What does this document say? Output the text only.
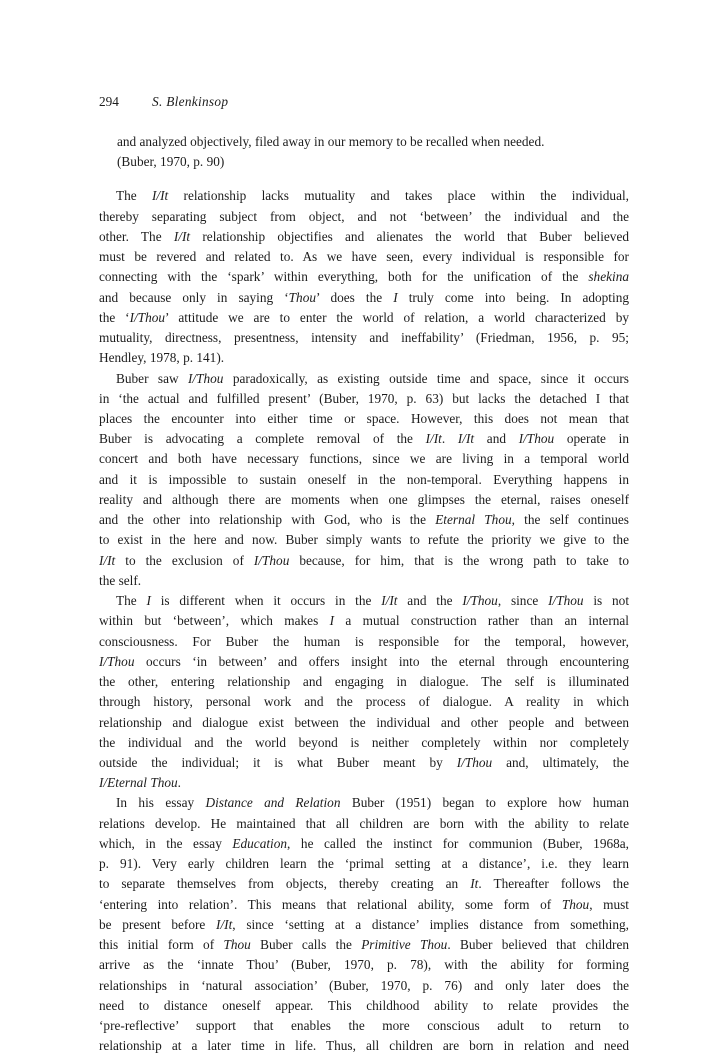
294 S. Blenkinsop
and analyzed objectively, filed away in our memory to be recalled when needed.
(Buber, 1970, p. 90)
The I/It relationship lacks mutuality and takes place within the individual,
thereby separating subject from object, and not ‘between’ the individual and the
other. The I/It relationship objectifies and alienates the world that Buber believed
must be revered and related to. As we have seen, every individual is responsible for
connecting with the ‘spark’ within everything, both for the unification of the shekina
and because only in saying ‘Thou’ does the I truly come into being. In adopting
the ‘I/Thou’ attitude we are to enter the world of relation, a world characterized by
mutuality, directness, presentness, intensity and ineffability’ (Friedman, 1956, p. 95;
Hendley, 1978, p. 141).
Buber saw I/Thou paradoxically, as existing outside time and space, since it occurs
in ‘the actual and fulfilled present’ (Buber, 1970, p. 63) but lacks the detached I that
places the encounter into either time or space. However, this does not mean that
Buber is advocating a complete removal of the I/It. I/It and I/Thou operate in
concert and both have necessary functions, since we are living in a temporal world
and it is impossible to sustain oneself in the non-temporal. Everything happens in
reality and although there are moments when one glimpses the eternal, raises oneself
and the other into relationship with God, who is the Eternal Thou, the self continues
to exist in the here and now. Buber simply wants to refute the priority we give to the
I/It to the exclusion of I/Thou because, for him, that is the wrong path to take to
the self.
The I is different when it occurs in the I/It and the I/Thou, since I/Thou is not
within but ‘between’, which makes I a mutual construction rather than an internal
consciousness. For Buber the human is responsible for the temporal, however,
I/Thou occurs ‘in between’ and offers insight into the eternal through encountering
the other, entering relationship and engaging in dialogue. The self is illuminated
through history, personal work and the process of dialogue. A reality in which
relationship and dialogue exist between the individual and other people and between
the individual and the world beyond is neither completely within nor completely
outside the individual; it is what Buber meant by I/Thou and, ultimately, the
I/Eternal Thou.
In his essay Distance and Relation Buber (1951) began to explore how human
relations develop. He maintained that all children are born with the ability to relate
which, in the essay Education, he called the instinct for communion (Buber, 1968a,
p. 91). Very early children learn the ‘primal setting at a distance’, i.e. they learn
to separate themselves from objects, thereby creating an It. Thereafter follows the
‘entering into relation’. This means that relational ability, some form of Thou, must
be present before I/It, since ‘setting at a distance’ implies distance from something,
this initial form of Thou Buber calls the Primitive Thou. Buber believed that children
arrive as the ‘innate Thou’ (Buber, 1970, p. 78), with the ability for forming
relationships in ‘natural association’ (Buber, 1970, p. 76) and only later does the
need to distance oneself appear. This childhood ability to relate provides the
‘pre-reflective’ support that enables the more conscious adult to return to
relationship at a later time in life. Thus, all children are born in relation and need
